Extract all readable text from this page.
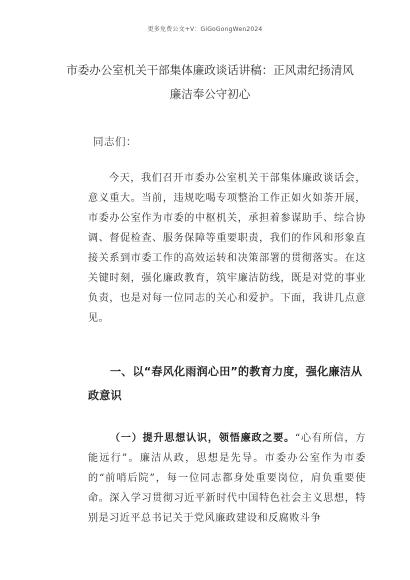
更多免费公文+V：GiGoGongWen2024
市委办公室机关干部集体廉政谈话讲稿：正风肃纪扬清风廉洁奉公守初心
同志们：

今天，我们召开市委办公室机关干部集体廉政谈话会，意义重大。当前，违规吃喝专项整治工作正如火如荼开展，市委办公室作为市委的中枢机关，承担着参谋助手、综合协调、督促检查、服务保障等重要职责，我们的作风和形象直接关系到市委工作的高效运转和决策部署的贯彻落实。在这关键时刻，强化廉政教育，筑牢廉洁防线，既是对党的事业负责，也是对每一位同志的关心和爱护。下面，我讲几点意见。

一、以“春风化雨润心田”的教育力度，强化廉洁从政意识

（一）提升思想认识，领悟廉政之要。“心有所信，方能远行”。廉洁从政，思想是先导。市委办公室作为市委的“前哨后院”，每一位同志都身处重要岗位，肩负重要使命。深入学习贯彻习近平新时代中国特色社会主义思想，特别是习近平总书记关于党风廉政建设和反腐败斗争
